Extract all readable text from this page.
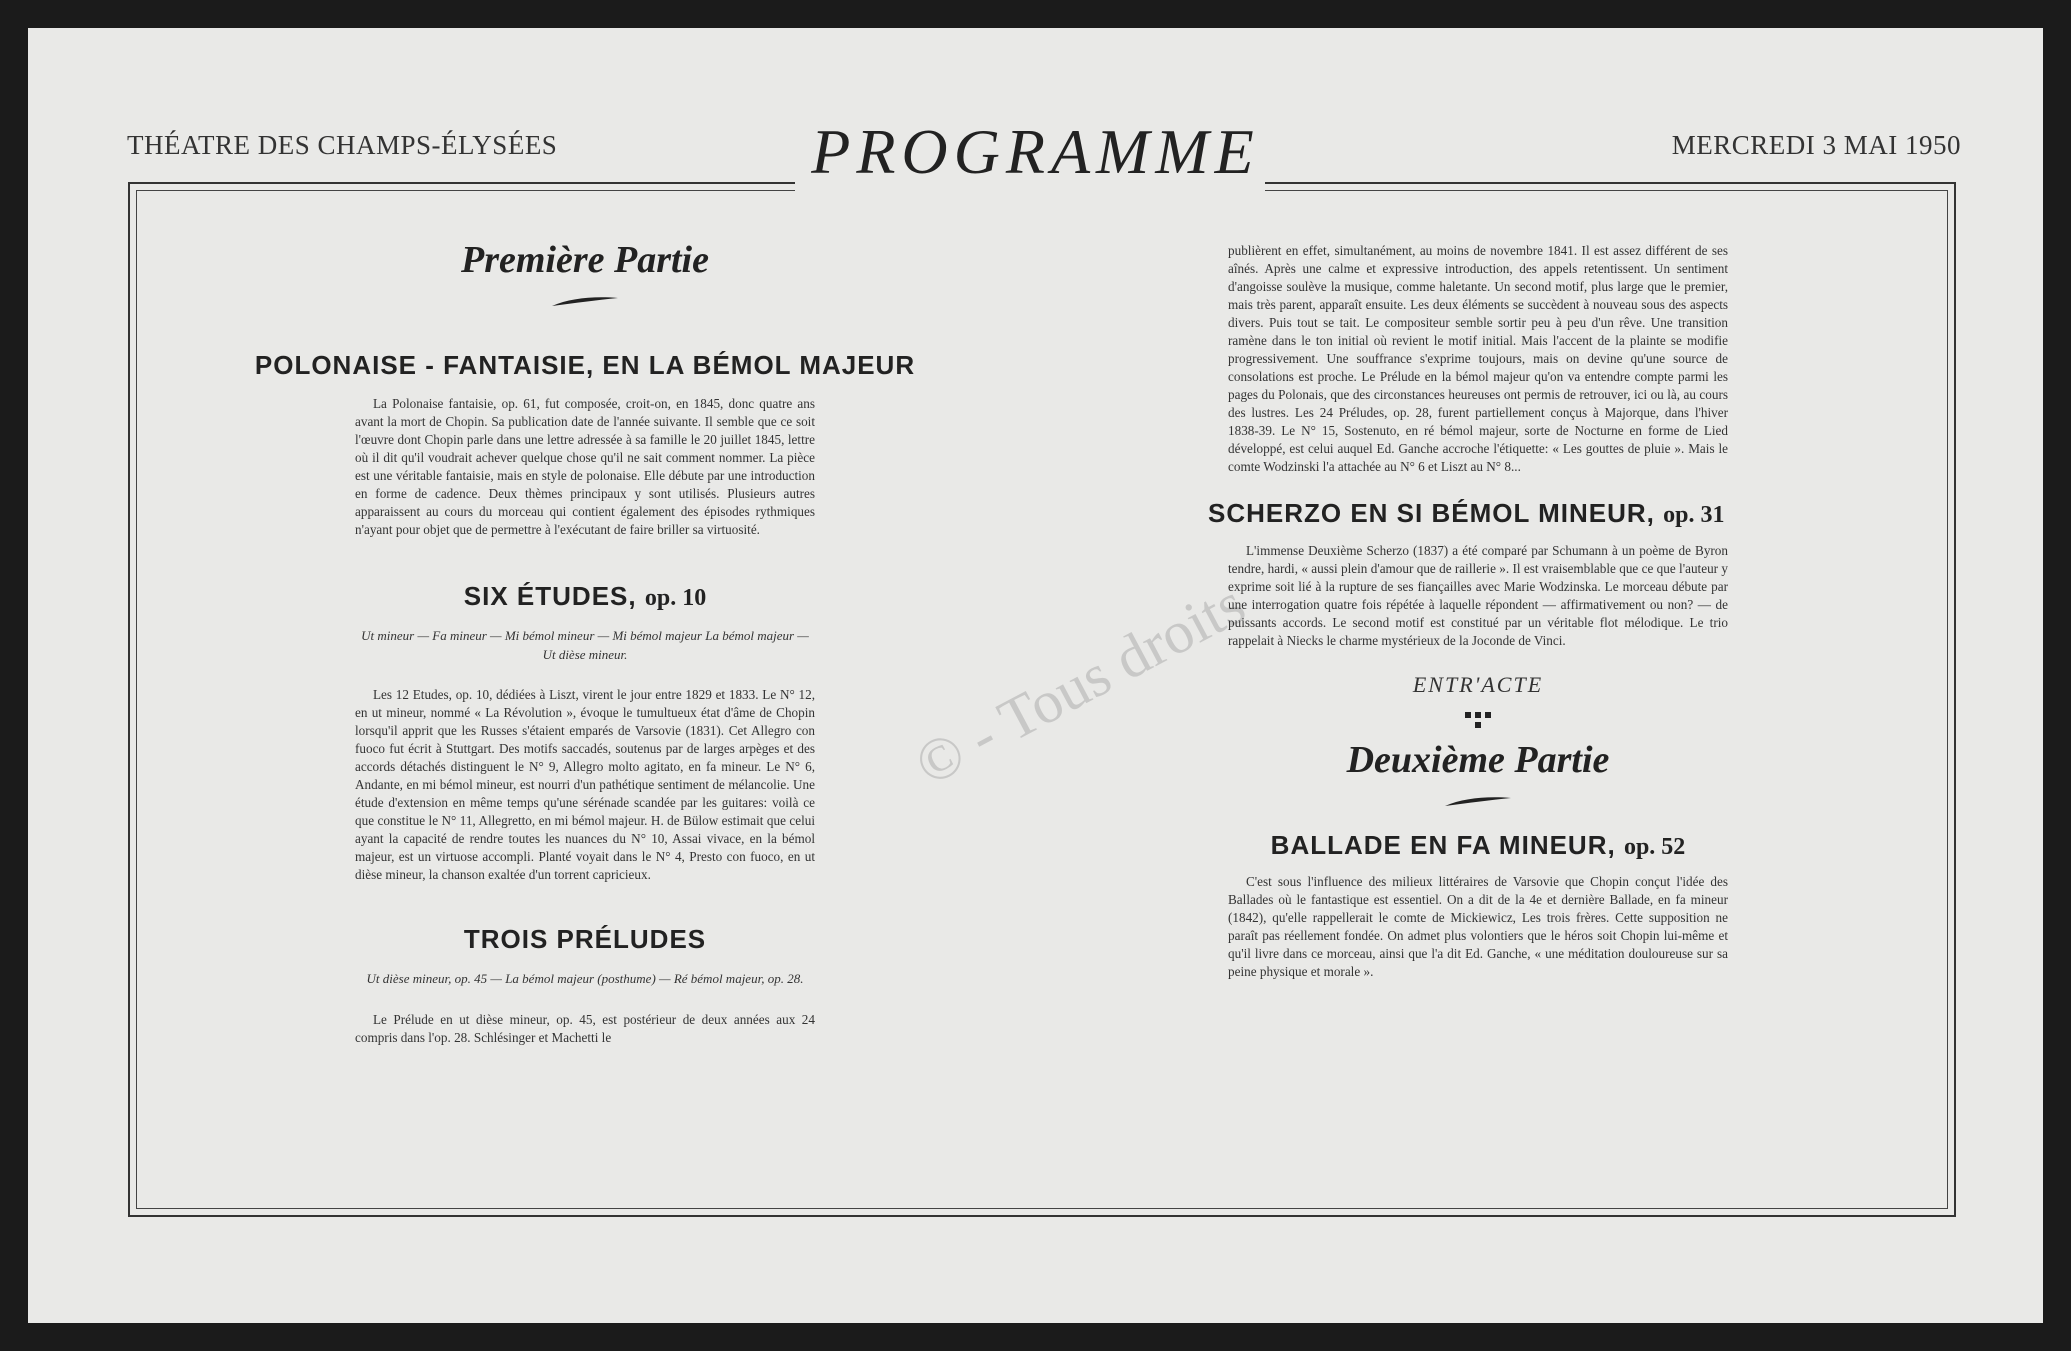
THÉATRE DES CHAMPS-ÉLYSÉES	PROGRAMME	MERCREDI 3 MAI 1950
© - Tous droits
Première Partie
POLONAISE - FANTAISIE, EN LA BÉMOL MAJEUR

La Polonaise fantaisie, op. 61, fut composée, croit-on, en 1845, donc quatre ans avant la mort de Chopin. Sa publication date de l'année suivante. Il semble que ce soit l'œuvre dont Chopin parle dans une lettre adressée à sa famille le 20 juillet 1845, lettre où il dit qu'il voudrait achever quelque chose qu'il ne sait comment nommer. La pièce est une véritable fantaisie, mais en style de polonaise. Elle débute par une introduction en forme de cadence. Deux thèmes principaux y sont utilisés. Plusieurs autres apparaissent au cours du morceau qui contient également des épisodes rythmiques n'ayant pour objet que de permettre à l'exécutant de faire briller sa virtuosité.

SIX ÉTUDES, op. 10

Ut mineur — Fa mineur — Mi bémol mineur — Mi bémol majeur La bémol majeur — Ut dièse mineur.

Les 12 Etudes, op. 10, dédiées à Liszt, virent le jour entre 1829 et 1833. Le N° 12, en ut mineur, nommé « La Révolution », évoque le tumultueux état d'âme de Chopin lorsqu'il apprit que les Russes s'étaient emparés de Varsovie (1831). Cet Allegro con fuoco fut écrit à Stuttgart. Des motifs saccadés, soutenus par de larges arpèges et des accords détachés distinguent le N° 9, Allegro molto agitato, en fa mineur. Le N° 6, Andante, en mi bémol mineur, est nourri d'un pathétique sentiment de mélancolie. Une étude d'extension en même temps qu'une sérénade scandée par les guitares: voilà ce que constitue le N° 11, Allegretto, en mi bémol majeur. H. de Bülow estimait que celui ayant la capacité de rendre toutes les nuances du N° 10, Assai vivace, en la bémol majeur, est un virtuose accompli. Planté voyait dans le N° 4, Presto con fuoco, en ut dièse mineur, la chanson exaltée d'un torrent capricieux.

TROIS PRÉLUDES

Ut dièse mineur, op. 45 — La bémol majeur (posthume) — Ré bémol majeur, op. 28.

Le Prélude en ut dièse mineur, op. 45, est postérieur de deux années aux 24 compris dans l'op. 28. Schlésinger et Machetti le

publièrent en effet, simultanément, au moins de novembre 1841. Il est assez différent de ses aînés. Après une calme et expressive introduction, des appels retentissent. Un sentiment d'angoisse soulève la musique, comme haletante. Un second motif, plus large que le premier, mais très parent, apparaît ensuite. Les deux éléments se succèdent à nouveau sous des aspects divers. Puis tout se tait. Le compositeur semble sortir peu à peu d'un rêve. Une transition ramène dans le ton initial où revient le motif initial. Mais l'accent de la plainte se modifie progressivement. Une souffrance s'exprime toujours, mais on devine qu'une source de consolations est proche. Le Prélude en la bémol majeur qu'on va entendre compte parmi les pages du Polonais, que des circonstances heureuses ont permis de retrouver, ici ou là, au cours des lustres. Les 24 Préludes, op. 28, furent partiellement conçus à Majorque, dans l'hiver 1838-39. Le N° 15, Sostenuto, en ré bémol majeur, sorte de Nocturne en forme de Lied développé, est celui auquel Ed. Ganche accroche l'étiquette: « Les gouttes de pluie ». Mais le comte Wodzinski l'a attachée au N° 6 et Liszt au N° 8...

SCHERZO EN SI BÉMOL MINEUR, op. 31

L'immense Deuxième Scherzo (1837) a été comparé par Schumann à un poème de Byron tendre, hardi, « aussi plein d'amour que de raillerie ». Il est vraisemblable que ce que l'auteur y exprime soit lié à la rupture de ses fiançailles avec Marie Wodzinska. Le morceau débute par une interrogation quatre fois répétée à laquelle répondent — affirmativement ou non? — de puissants accords. Le second motif est constitué par un véritable flot mélodique. Le trio rappelait à Niecks le charme mystérieux de la Joconde de Vinci.

ENTR'ACTE

Deuxième Partie
BALLADE EN FA MINEUR, op. 52

C'est sous l'influence des milieux littéraires de Varsovie que Chopin conçut l'idée des Ballades où le fantastique est essentiel. On a dit de la 4e et dernière Ballade, en fa mineur (1842), qu'elle rappellerait le comte de Mickiewicz, Les trois frères. Cette supposition ne paraît pas réellement fondée. On admet plus volontiers que le héros soit Chopin lui-même et qu'il livre dans ce morceau, ainsi que l'a dit Ed. Ganche, « une méditation douloureuse sur sa peine physique et morale ».
